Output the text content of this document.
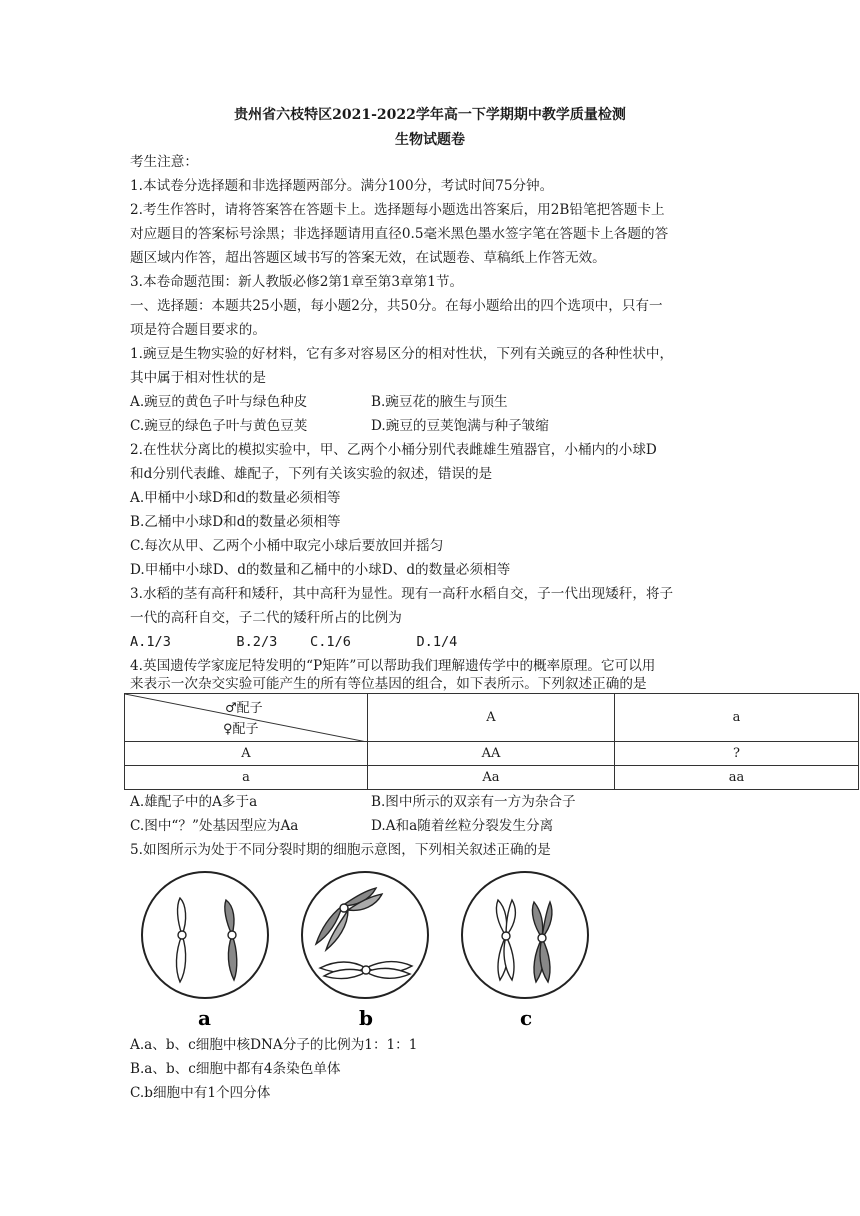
贵州省六枝特区2021-2022学年高一下学期期中教学质量检测
生物试题卷
考生注意：
1.本试卷分选择题和非选择题两部分。满分100分，考试时间75分钟。
2.考生作答时，请将答案答在答题卡上。选择题每小题选出答案后，用2B铅笔把答题卡上
对应题目的答案标号涂黑；非选择题请用直径0.5毫米黑色墨水签字笔在答题卡上各题的答
题区域内作答，超出答题区域书写的答案无效，在试题卷、草稿纸上作答无效。
3.本卷命题范围：新人教版必修2第1章至第3章第1节。
一、选择题：本题共25小题，每小题2分，共50分。在每小题给出的四个选项中，只有一
项是符合题目要求的。
1.豌豆是生物实验的好材料，它有多对容易区分的相对性状，下列有关豌豆的各种性状中，
其中属于相对性状的是
A.豌豆的黄色子叶与绿色种皮	B.豌豆花的腋生与顶生
C.豌豆的绿色子叶与黄色豆荚	D.豌豆的豆荚饱满与种子皱缩
2.在性状分离比的模拟实验中，甲、乙两个小桶分别代表雌雄生殖器官，小桶内的小球D
和d分别代表雌、雄配子，下列有关该实验的叙述，错误的是
A.甲桶中小球D和d的数量必须相等
B.乙桶中小球D和d的数量必须相等
C.每次从甲、乙两个小桶中取完小球后要放回并摇匀
D.甲桶中小球D、d的数量和乙桶中的小球D、d的数量必须相等
3.水稻的茎有高秆和矮秆，其中高秆为显性。现有一高秆水稻自交，子一代出现矮秆，将子
一代的高秆自交，子二代的矮秆所占的比例为
A.1/3        B.2/3    C.1/6        D.1/4
4.英国遗传学家庞尼特发明的“P矩阵”可以帮助我们理解遗传学中的概率原理。它可以用
来表示一次杂交实验可能产生的所有等位基因的组合，如下表所示。下列叙述正确的是
♂配子
♀配子	A	a
A	AA	?
a	Aa	aa
A.雄配子中的A多于a	B.图中所示的双亲有一方为杂合子
C.图中“？”处基因型应为Aa	D.A和a随着丝粒分裂发生分离
5.如图所示为处于不同分裂时期的细胞示意图，下列相关叙述正确的是
a	b	c
A.a、b、c细胞中核DNA分子的比例为1：1：1
B.a、b、c细胞中都有4条染色单体
C.b细胞中有1个四分体
